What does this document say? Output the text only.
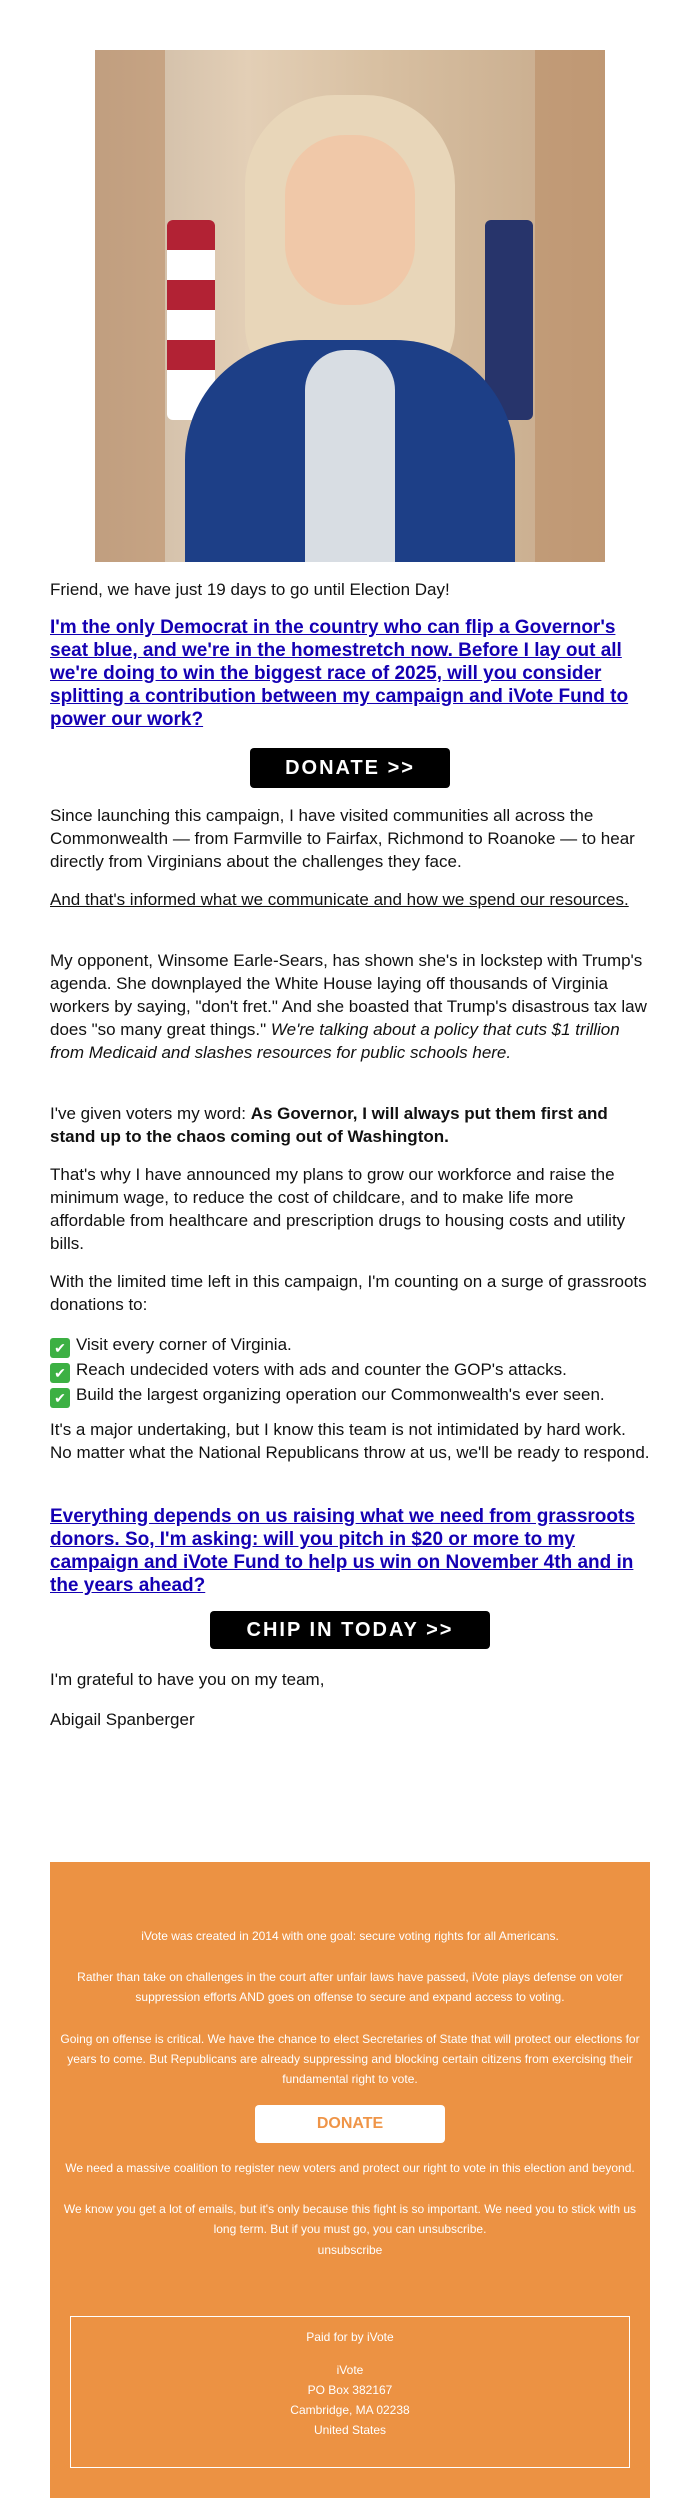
Friend, we have just 19 days to go until Election Day!

I'm the only Democrat in the country who can flip a Governor's seat blue, and we're in the homestretch now. Before I lay out all we're doing to win the biggest race of 2025, will you consider splitting a contribution between my campaign and iVote Fund to power our work?
DONATE >>

Since launching this campaign, I have visited communities all across the Commonwealth — from Farmville to Fairfax, Richmond to Roanoke — to hear directly from Virginians about the challenges they face.

And that's informed what we communicate and how we spend our resources.

My opponent, Winsome Earle-Sears, has shown she's in lockstep with Trump's agenda. She downplayed the White House laying off thousands of Virginia workers by saying, "don't fret." And she boasted that Trump's disastrous tax law does "so many great things." We're talking about a policy that cuts $1 trillion from Medicaid and slashes resources for public schools here.

I've given voters my word: As Governor, I will always put them first and stand up to the chaos coming out of Washington.

That's why I have announced my plans to grow our workforce and raise the minimum wage, to reduce the cost of childcare, and to make life more affordable from healthcare and prescription drugs to housing costs and utility bills.

With the limited time left in this campaign, I'm counting on a surge of grassroots donations to:

✔ Visit every corner of Virginia.
✔ Reach undecided voters with ads and counter the GOP's attacks.
✔ Build the largest organizing operation our Commonwealth's ever seen.

It's a major undertaking, but I know this team is not intimidated by hard work. No matter what the National Republicans throw at us, we'll be ready to respond.

Everything depends on us raising what we need from grassroots donors. So, I'm asking: will you pitch in $20 or more to my campaign and iVote Fund to help us win on November 4th and in the years ahead?
CHIP IN TODAY >>

I'm grateful to have you on my team,

Abigail Spanberger

iVote was created in 2014 with one goal: secure voting rights for all Americans.

Rather than take on challenges in the court after unfair laws have passed, iVote plays defense on voter suppression efforts AND goes on offense to secure and expand access to voting.

Going on offense is critical. We have the chance to elect Secretaries of State that will protect our elections for years to come. But Republicans are already suppressing and blocking certain citizens from exercising their fundamental right to vote.

DONATE

We need a massive coalition to register new voters and protect our right to vote in this election and beyond.

We know you get a lot of emails, but it's only because this fight is so important. We need you to stick with us long term. But if you must go, you can unsubscribe.

unsubscribe
Paid for by iVote
iVote
PO Box 382167
Cambridge, MA 02238
United States
